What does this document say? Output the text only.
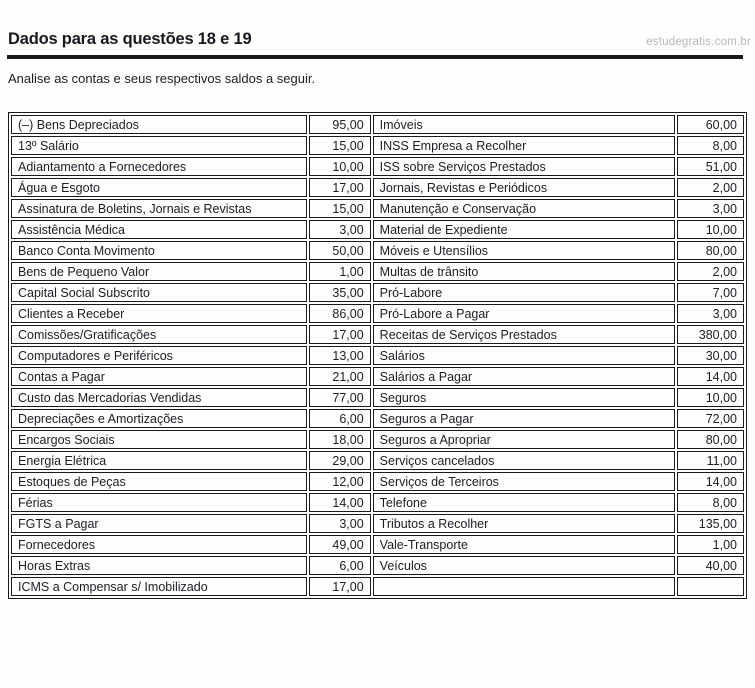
estudegratis.com.br
Dados para as questões 18 e 19
Analise as contas e seus respectivos saldos a seguir.
(–) Bens Depreciados	95,00	Imóveis	60,00
13º Salário	15,00	INSS Empresa a Recolher	8,00
Adiantamento a Fornecedores	10,00	ISS sobre Serviços Prestados	51,00
Água e Esgoto	17,00	Jornais, Revistas e Periódicos	2,00
Assinatura de Boletins, Jornais e Revistas	15,00	Manutenção e Conservação	3,00
Assistência Médica	3,00	Material de Expediente	10,00
Banco Conta Movimento	50,00	Móveis e Utensílios	80,00
Bens de Pequeno Valor	1,00	Multas de trânsito	2,00
Capital Social Subscrito	35,00	Pró-Labore	7,00
Clientes a Receber	86,00	Pró-Labore a Pagar	3,00
Comissões/Gratificações	17,00	Receitas de Serviços Prestados	380,00
Computadores e Periféricos	13,00	Salários	30,00
Contas a Pagar	21,00	Salários a Pagar	14,00
Custo das Mercadorias Vendidas	77,00	Seguros	10,00
Depreciações e Amortizações	6,00	Seguros a Pagar	72,00
Encargos Sociais	18,00	Seguros a Apropriar	80,00
Energia Elétrica	29,00	Serviços cancelados	11,00
Estoques de Peças	12,00	Serviços de Terceiros	14,00
Férias	14,00	Telefone	8,00
FGTS a Pagar	3,00	Tributos a Recolher	135,00
Fornecedores	49,00	Vale-Transporte	1,00
Horas Extras	6,00	Veículos	40,00
ICMS a Compensar s/ Imobilizado	17,00		
